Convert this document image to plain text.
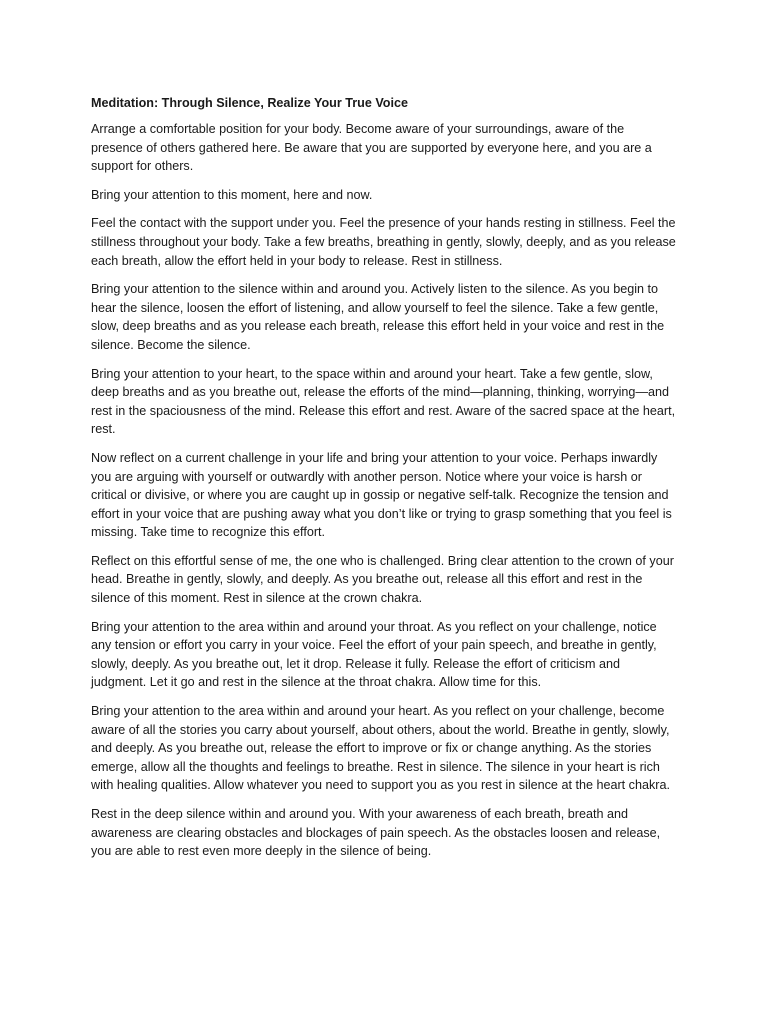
Meditation: Through Silence, Realize Your True Voice

Arrange a comfortable position for your body. Become aware of your surroundings, aware of the presence of others gathered here. Be aware that you are supported by everyone here, and you are a support for others.

Bring your attention to this moment, here and now.

Feel the contact with the support under you. Feel the presence of your hands resting in stillness. Feel the stillness throughout your body. Take a few breaths, breathing in gently, slowly, deeply, and as you release each breath, allow the effort held in your body to release. Rest in stillness.

Bring your attention to the silence within and around you. Actively listen to the silence. As you begin to hear the silence, loosen the effort of listening, and allow yourself to feel the silence. Take a few gentle, slow, deep breaths and as you release each breath, release this effort held in your voice and rest in the silence. Become the silence.

Bring your attention to your heart, to the space within and around your heart. Take a few gentle, slow, deep breaths and as you breathe out, release the efforts of the mind—planning, thinking, worrying—and rest in the spaciousness of the mind. Release this effort and rest. Aware of the sacred space at the heart, rest.

Now reflect on a current challenge in your life and bring your attention to your voice. Perhaps inwardly you are arguing with yourself or outwardly with another person. Notice where your voice is harsh or critical or divisive, or where you are caught up in gossip or negative self-talk. Recognize the tension and effort in your voice that are pushing away what you don’t like or trying to grasp something that you feel is missing. Take time to recognize this effort.

Reflect on this effortful sense of me, the one who is challenged. Bring clear attention to the crown of your head. Breathe in gently, slowly, and deeply. As you breathe out, release all this effort and rest in the silence of this moment. Rest in silence at the crown chakra.

Bring your attention to the area within and around your throat. As you reflect on your challenge, notice any tension or effort you carry in your voice. Feel the effort of your pain speech, and breathe in gently, slowly, deeply. As you breathe out, let it drop. Release it fully. Release the effort of criticism and judgment. Let it go and rest in the silence at the throat chakra. Allow time for this.

Bring your attention to the area within and around your heart. As you reflect on your challenge, become aware of all the stories you carry about yourself, about others, about the world. Breathe in gently, slowly, and deeply. As you breathe out, release the effort to improve or fix or change anything. As the stories emerge, allow all the thoughts and feelings to breathe. Rest in silence. The silence in your heart is rich with healing qualities. Allow whatever you need to support you as you rest in silence at the heart chakra.

Rest in the deep silence within and around you. With your awareness of each breath, breath and awareness are clearing obstacles and blockages of pain speech. As the obstacles loosen and release, you are able to rest even more deeply in the silence of being.
